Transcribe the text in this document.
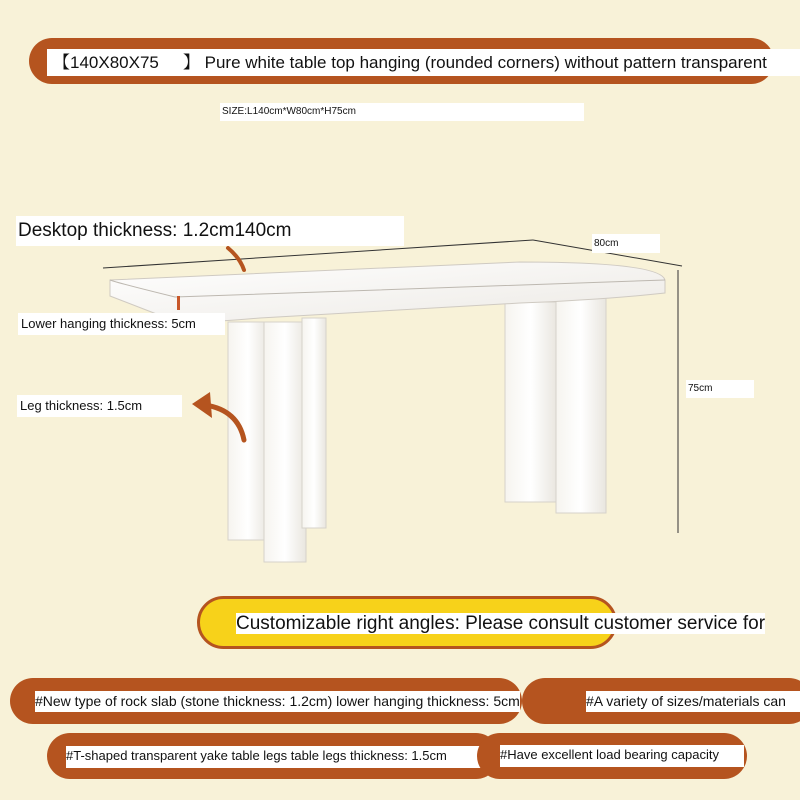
【140X80X75 】 Pure white table top hanging (rounded corners) without pattern transparent
SIZE:L140cm*W80cm*H75cm
Desktop thickness: 1.2cm140cm
80cm
Lower hanging thickness: 5cm
Leg thickness: 1.5cm
75cm
Customizable right angles: Please consult customer service for
#New type of rock slab (stone thickness: 1.2cm) lower hanging thickness: 5cm	#A variety of sizes/materials can
#T-shaped transparent yake table legs table legs thickness: 1.5cm	#Have excellent load bearing capacity
